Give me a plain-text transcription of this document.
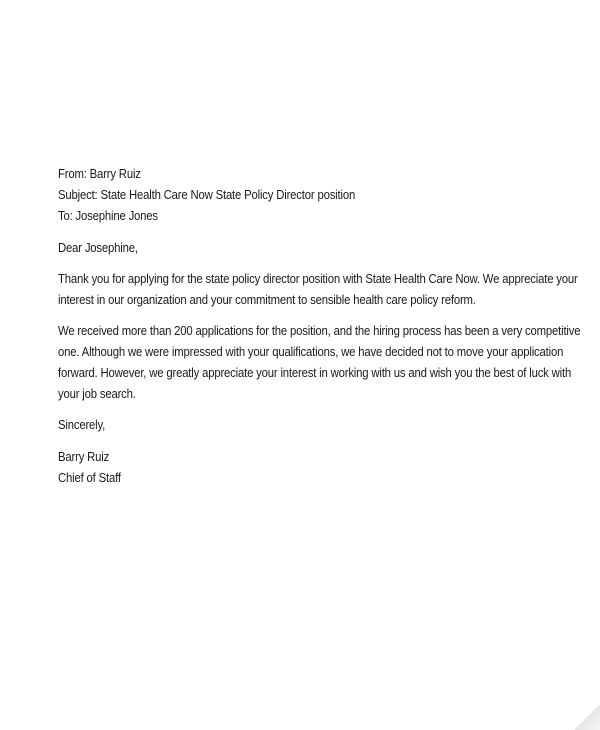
From: Barry Ruiz
Subject: State Health Care Now State Policy Director position
To: Josephine Jones
Dear Josephine,
Thank you for applying for the state policy director position with State Health Care Now. We appreciate your
interest in our organization and your commitment to sensible health care policy reform.
We received more than 200 applications for the position, and the hiring process has been a very competitive
one. Although we were impressed with your qualifications, we have decided not to move your application
forward. However, we greatly appreciate your interest in working with us and wish you the best of luck with
your job search.
Sincerely,
Barry Ruiz
Chief of Staff
